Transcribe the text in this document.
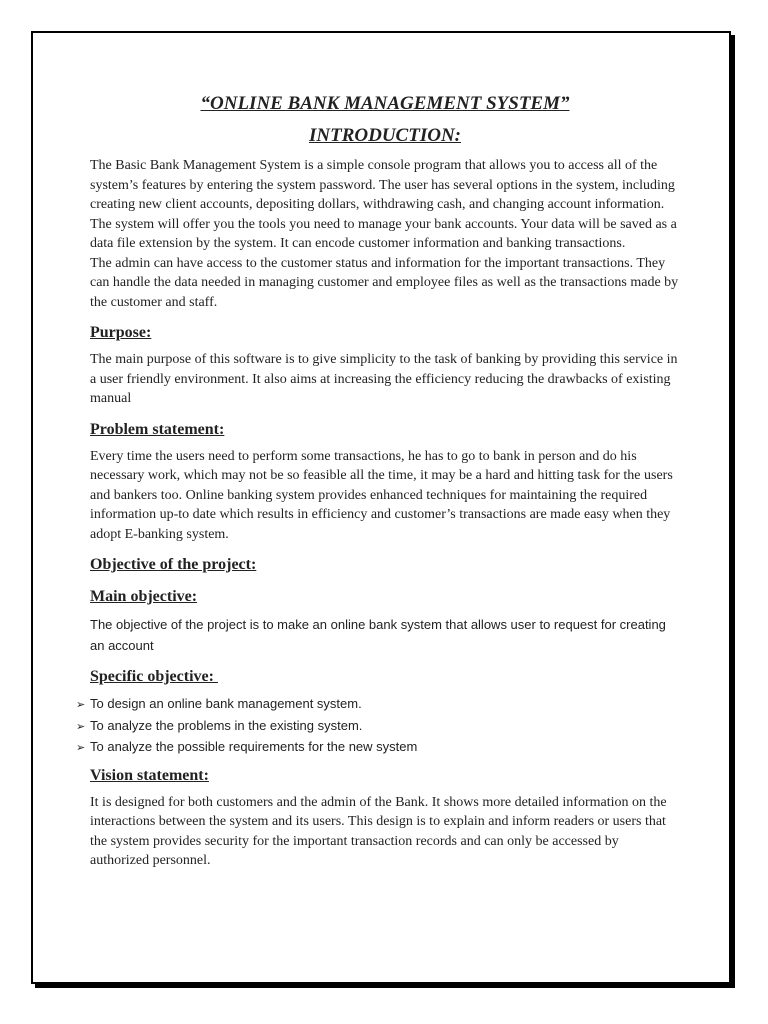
“ONLINE BANK MANAGEMENT SYSTEM”

INTRODUCTION:

The Basic Bank Management System is a simple console program that allows you to access all of the system’s features by entering the system password. The user has several options in the system, including creating new client accounts, depositing dollars, withdrawing cash, and changing account information. The system will offer you the tools you need to manage your bank accounts. Your data will be saved as a data file extension by the system. It can encode customer information and banking transactions.
The admin can have access to the customer status and information for the important transactions. They can handle the data needed in managing customer and employee files as well as the transactions made by the customer and staff.

Purpose:

The main purpose of this software is to give simplicity to the task of banking by providing this service in a user friendly environment. It also aims at increasing the efficiency reducing the drawbacks of existing manual

Problem statement:

Every time the users need to perform some transactions, he has to go to bank in person and do his necessary work, which may not be so feasible all the time, it may be a hard and hitting task for the users and bankers too. Online banking system provides enhanced techniques for maintaining the required information up-to date which results in efficiency and customer’s transactions are made easy when they adopt E-banking system.

Objective of the project:
Main objective:

The objective of the project is to make an online bank system that allows user to request for creating an account

Specific objective:
➢ To design an online bank management system.
➢ To analyze the problems in the existing system.
➢ To analyze the possible requirements for the new system
Vision statement:

It is designed for both customers and the admin of the Bank. It shows more detailed information on the interactions between the system and its users. This design is to explain and inform readers or users that the system provides security for the important transaction records and can only be accessed by authorized personnel.
